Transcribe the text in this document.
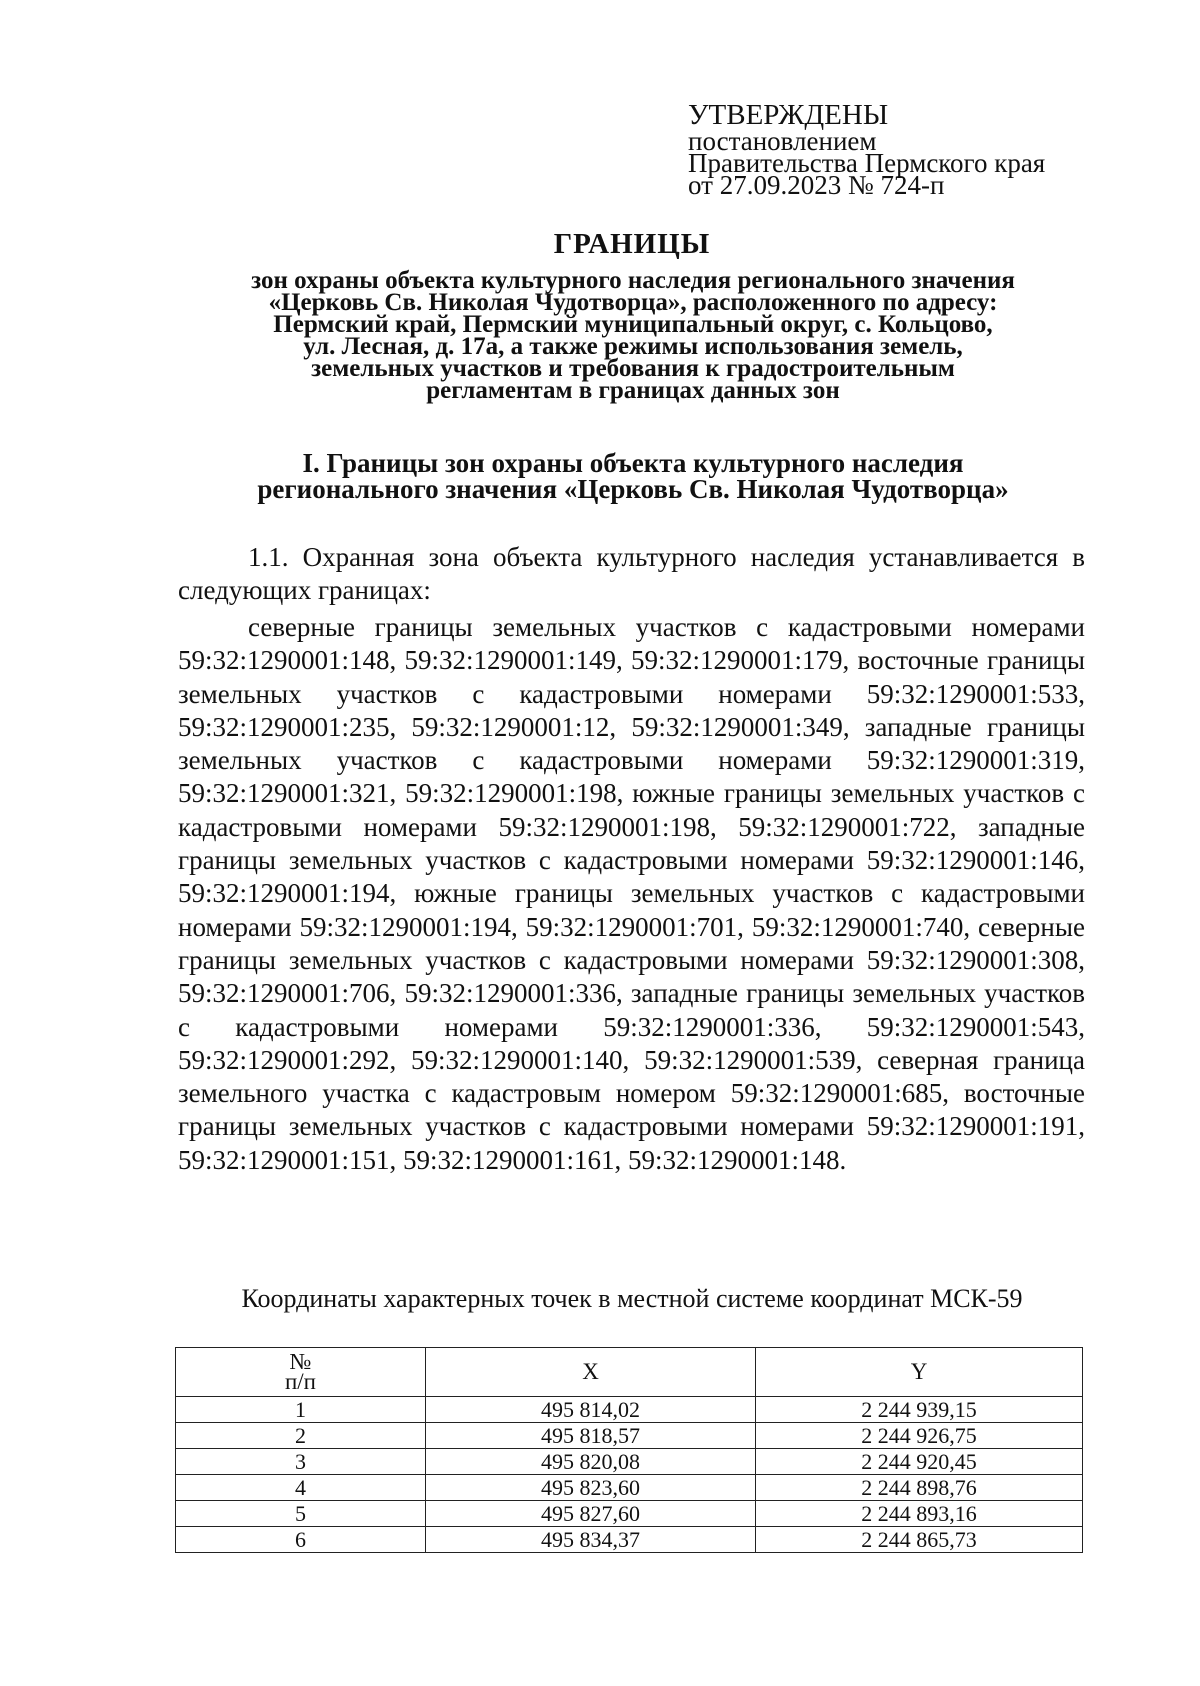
УТВЕРЖДЕНЫ
постановлением
Правительства Пермского края
от 27.09.2023 № 724-п
ГРАНИЦЫ
зон охраны объекта культурного наследия регионального значения
«Церковь Св. Николая Чудотворца», расположенного по адресу:
Пермский край, Пермский муниципальный округ, с. Кольцово,
ул. Лесная, д. 17а, а также режимы использования земель,
земельных участков и требования к градостроительным
регламентам в границах данных зон
I. Границы зон охраны объекта культурного наследия
регионального значения «Церковь Св. Николая Чудотворца»
1.1. Охранная зона объекта культурного наследия устанавливается в следующих границах:
северные границы земельных участков с кадастровыми номерами 59:32:1290001:148, 59:32:1290001:149, 59:32:1290001:179, восточные границы земельных участков с кадастровыми номерами 59:32:1290001:533, 59:32:1290001:235, 59:32:1290001:12, 59:32:1290001:349, западные границы земельных участков с кадастровыми номерами 59:32:1290001:319, 59:32:1290001:321, 59:32:1290001:198, южные границы земельных участков с кадастровыми номерами 59:32:1290001:198, 59:32:1290001:722, западные границы земельных участков с кадастровыми номерами 59:32:1290001:146, 59:32:1290001:194, южные границы земельных участков с кадастровыми номерами 59:32:1290001:194, 59:32:1290001:701, 59:32:1290001:740, северные границы земельных участков с кадастровыми номерами 59:32:1290001:308, 59:32:1290001:706, 59:32:1290001:336, западные границы земельных участков с кадастровыми номерами 59:32:1290001:336, 59:32:1290001:543, 59:32:1290001:292, 59:32:1290001:140, 59:32:1290001:539, северная граница земельного участка с кадастровым номером 59:32:1290001:685, восточные границы земельных участков с кадастровыми номерами 59:32:1290001:191, 59:32:1290001:151, 59:32:1290001:161, 59:32:1290001:148.
Координаты характерных точек в местной системе координат МСК-59
№
п/п	X	Y
1	495 814,02	2 244 939,15
2	495 818,57	2 244 926,75
3	495 820,08	2 244 920,45
4	495 823,60	2 244 898,76
5	495 827,60	2 244 893,16
6	495 834,37	2 244 865,73
